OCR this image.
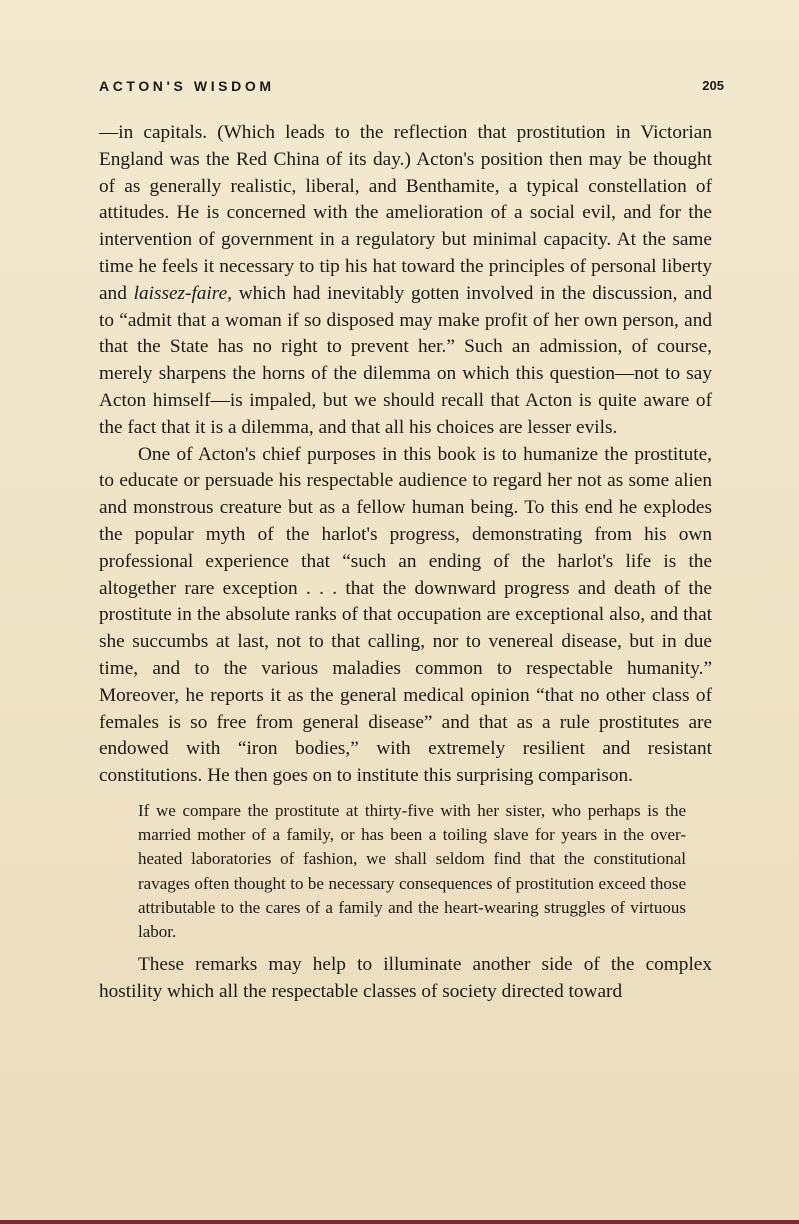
ACTON'S WISDOM	205

—in capitals. (Which leads to the reflection that prostitution in Victorian England was the Red China of its day.) Acton's position then may be thought of as generally realistic, liberal, and Benthamite, a typical constellation of attitudes. He is concerned with the amelioration of a social evil, and for the intervention of government in a regulatory but minimal capacity. At the same time he feels it necessary to tip his hat toward the principles of personal liberty and laissez-faire, which had inevitably gotten involved in the discussion, and to “admit that a woman if so disposed may make profit of her own person, and that the State has no right to prevent her.” Such an admission, of course, merely sharpens the horns of the dilemma on which this question—not to say Acton himself—is impaled, but we should recall that Acton is quite aware of the fact that it is a dilemma, and that all his choices are lesser evils.

One of Acton's chief purposes in this book is to humanize the prostitute, to educate or persuade his respectable audience to regard her not as some alien and monstrous creature but as a fellow human being. To this end he explodes the popular myth of the harlot's progress, demonstrating from his own professional experience that “such an ending of the harlot's life is the altogether rare exception . . . that the downward progress and death of the prostitute in the absolute ranks of that occupation are exceptional also, and that she succumbs at last, not to that calling, nor to venereal disease, but in due time, and to the various maladies common to respectable humanity.” Moreover, he reports it as the general medical opinion “that no other class of females is so free from general disease” and that as a rule prostitutes are endowed with “iron bodies,” with extremely resilient and resistant constitutions. He then goes on to institute this surprising comparison.

If we compare the prostitute at thirty-five with her sister, who perhaps is the married mother of a family, or has been a toiling slave for years in the over-heated laboratories of fashion, we shall seldom find that the constitutional ravages often thought to be necessary consequences of prostitution exceed those attributable to the cares of a family and the heart-wearing struggles of virtuous labor.

These remarks may help to illuminate another side of the complex hostility which all the respectable classes of society directed toward
